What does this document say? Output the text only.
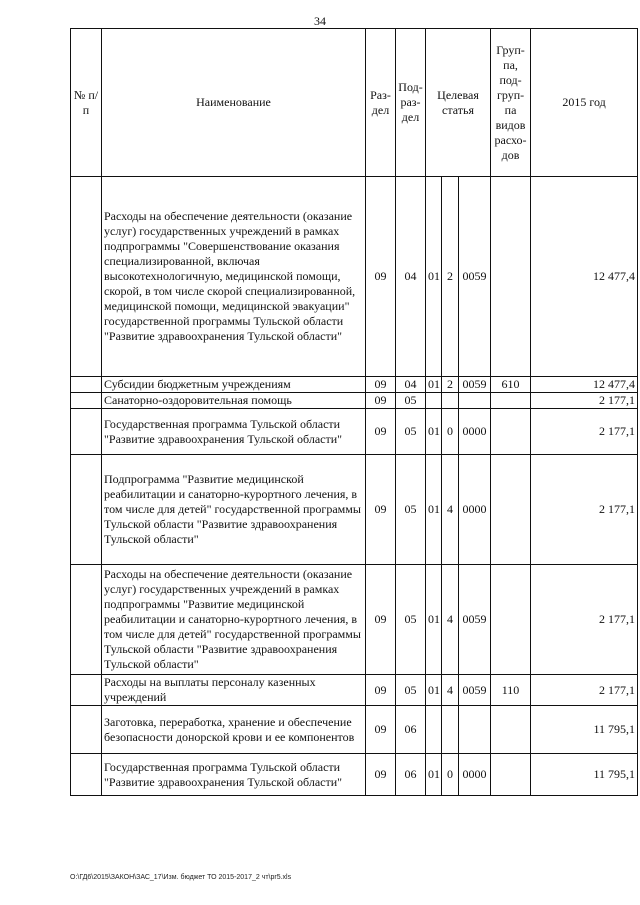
34
№ п/п	Наименование	Раз-дел	Под-раз-дел	Целевая статья			Груп-па, под-груп-па видов расхо-дов	2015 год
	Расходы на обеспечение деятельности (оказание услуг) государственных учреждений в рамках подпрограммы "Совершенствование оказания специализированной, включая высокотехнологичную, медицинской помощи, скорой, в том числе скорой специализированной, медицинской помощи, медицинской эвакуации" государственной программы Тульской области "Развитие здравоохранения Тульской области"	09	04	01	2	0059		12 477,4
	Субсидии бюджетным учреждениям	09	04	01	2	0059	610	12 477,4
	Санаторно-оздоровительная помощь	09	05					2 177,1
	Государственная программа Тульской области "Развитие здравоохранения Тульской области"	09	05	01	0	0000		2 177,1
	Подпрограмма "Развитие медицинской реабилитации и санаторно-курортного лечения, в том числе для детей" государственной программы Тульской области "Развитие здравоохранения Тульской области"	09	05	01	4	0000		2 177,1
	Расходы на обеспечение деятельности (оказание услуг) государственных учреждений в рамках подпрограммы "Развитие медицинской реабилитации и санаторно-курортного лечения, в том числе для детей" государственной программы Тульской области "Развитие здравоохранения Тульской области"	09	05	01	4	0059		2 177,1
	Расходы на выплаты персоналу казенных учреждений	09	05	01	4	0059	110	2 177,1
	Заготовка, переработка, хранение и обеспечение безопасности донорской крови и ее компонентов	09	06					11 795,1
	Государственная программа Тульской области "Развитие здравоохранения Тульской области"	09	06	01	0	0000		11 795,1
O:\ГД6\2015\ЗАКОН\ЗАС_17\Изм. бюджет ТО 2015-2017_2 чт\pr5.xls
